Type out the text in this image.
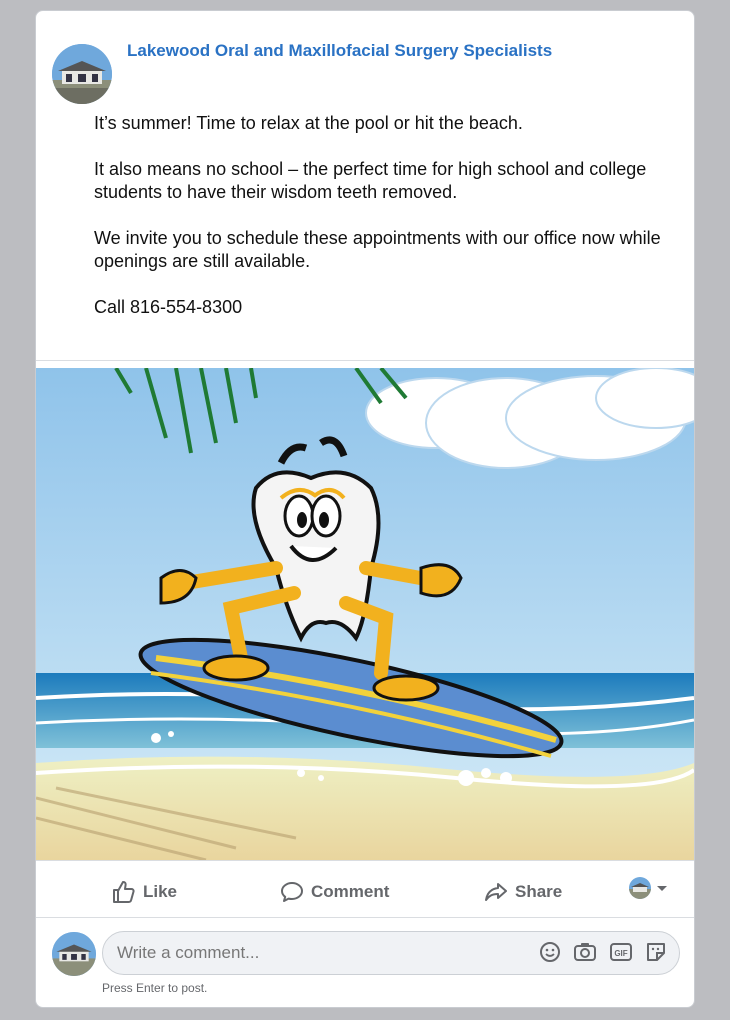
Lakewood Oral and Maxillofacial Surgery Specialists

It’s summer! Time to relax at the pool or hit the beach.

It also means no school – the perfect time for high school and college students to have their wisdom teeth removed.

We invite you to schedule these appointments with our office now while openings are still available.

Call 816-554-8300

Like	Comment	Share
Write a comment...
GIF
Press Enter to post.
